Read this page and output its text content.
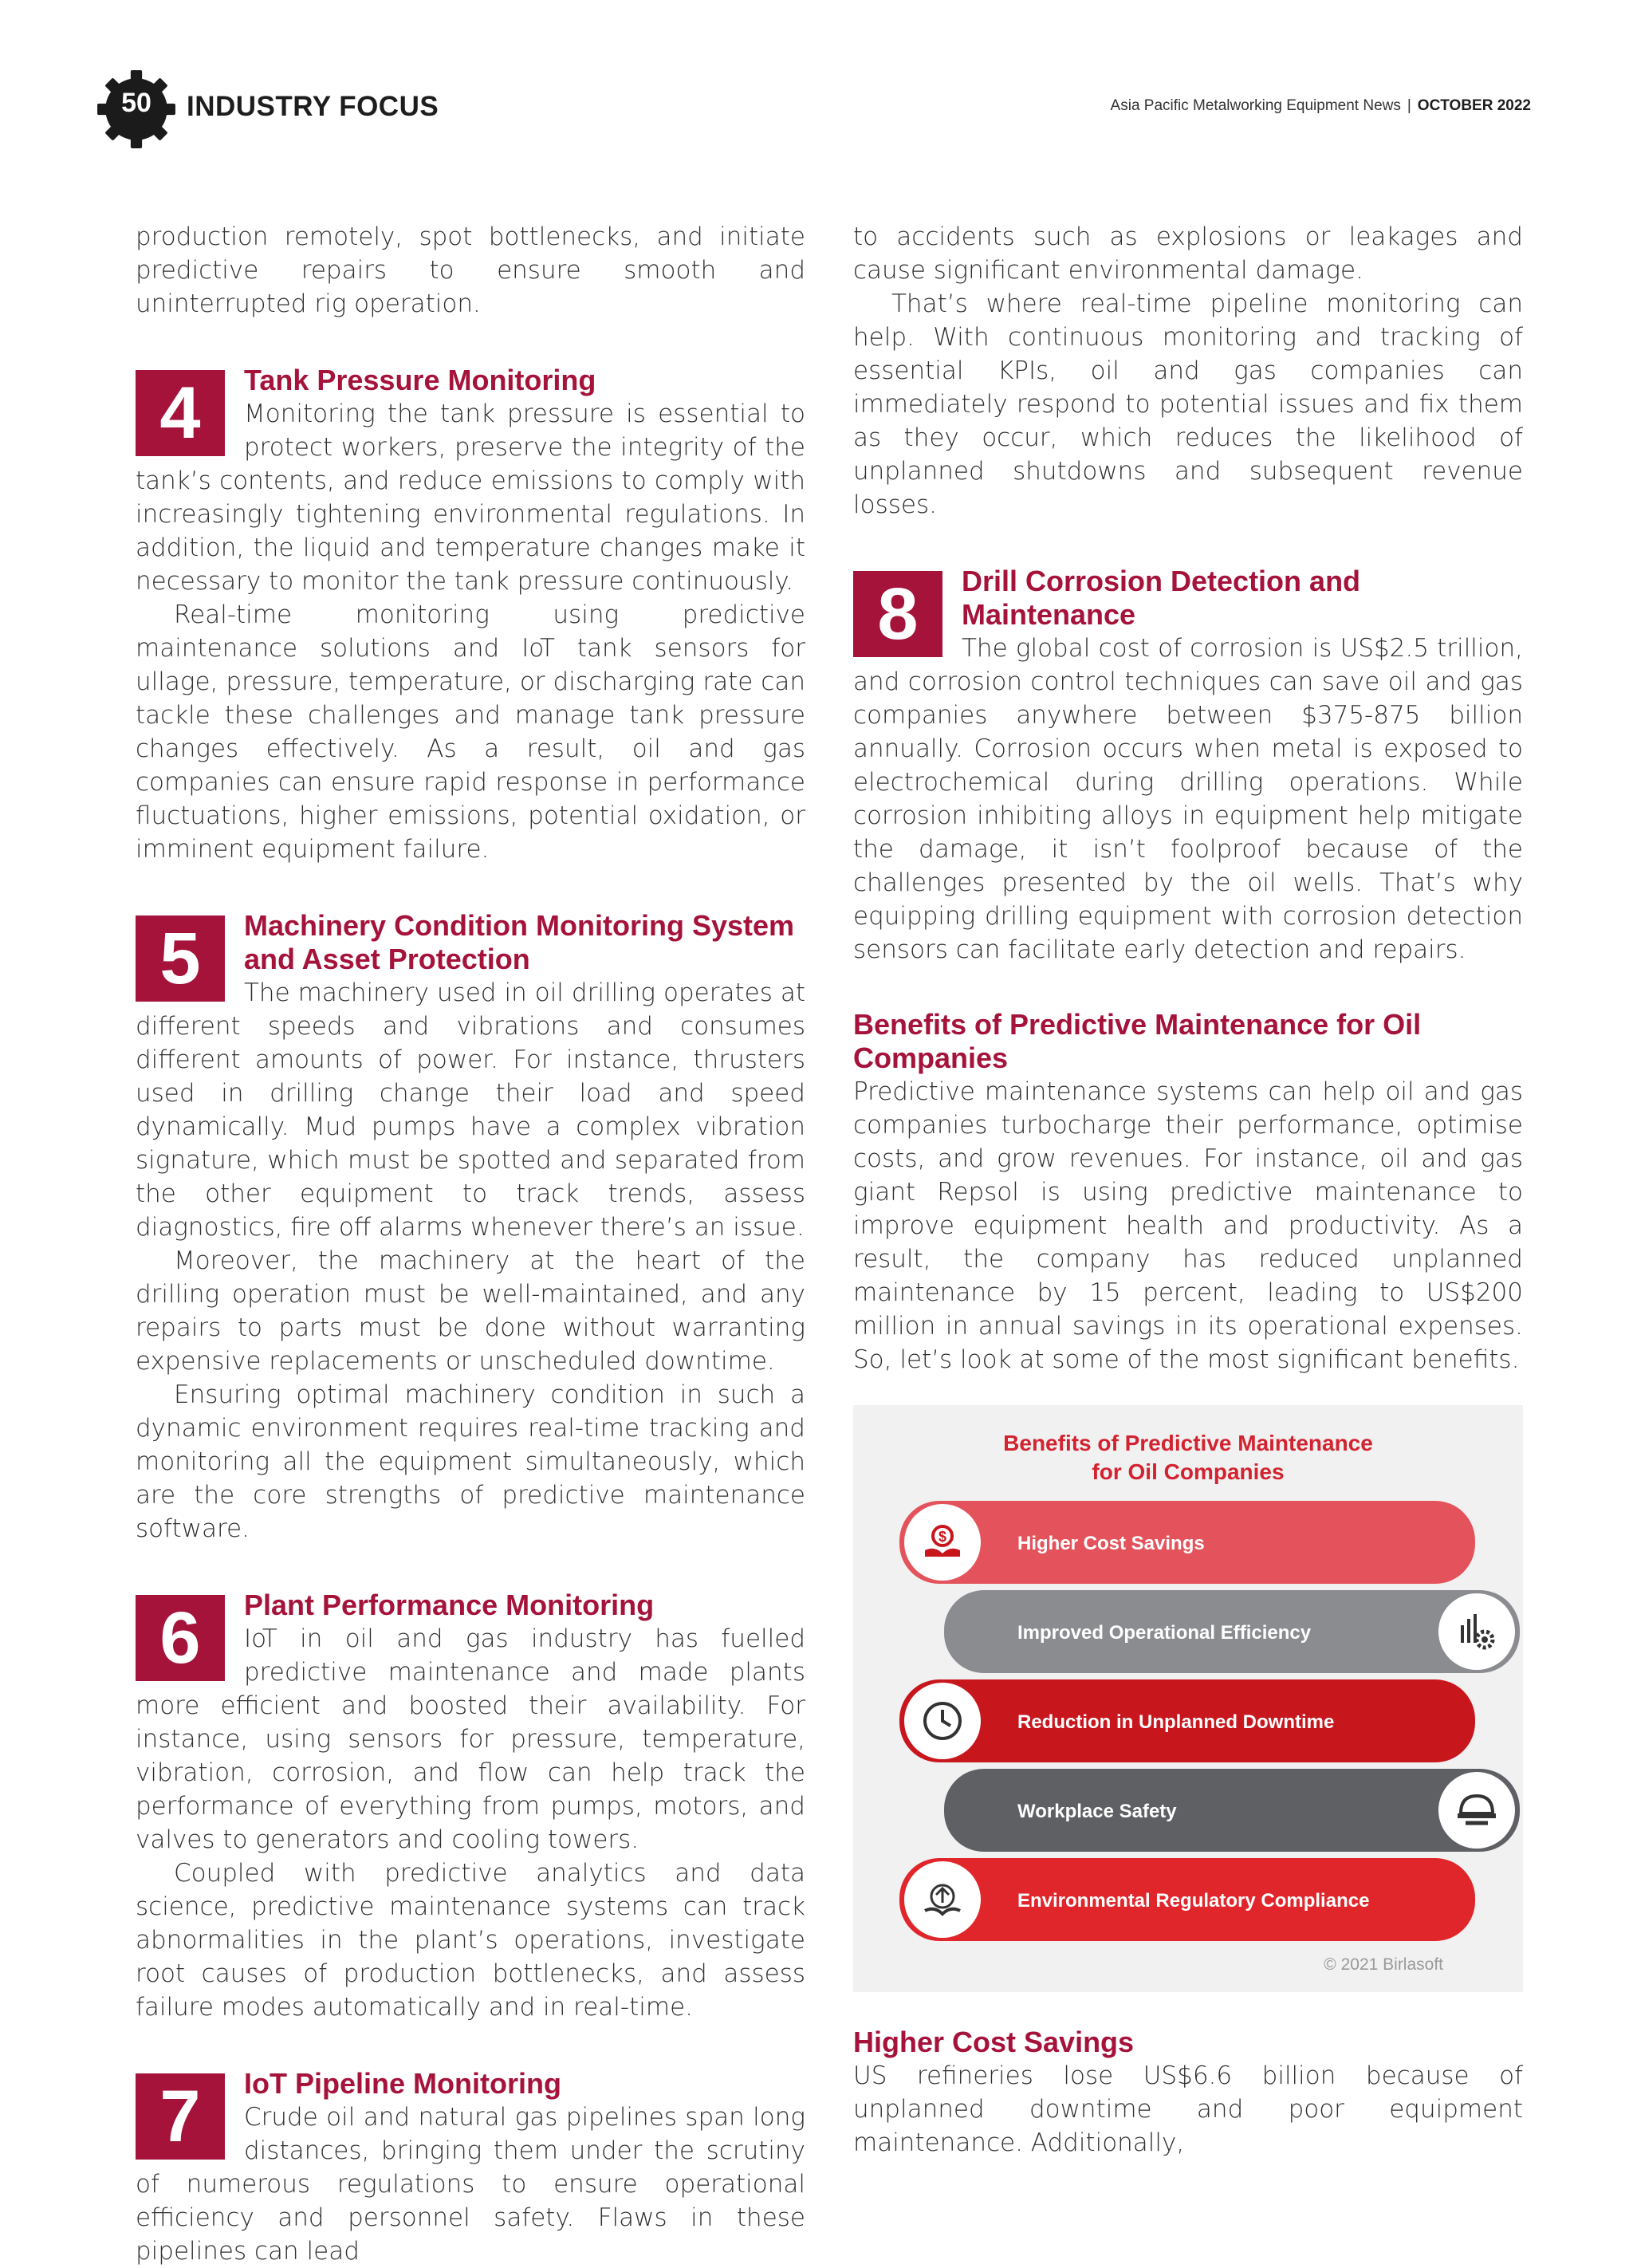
50	INDUSTRY FOCUS	Asia Pacific Metalworking Equipment News | OCTOBER 2022

production remotely, spot bottlenecks, and initiate predictive repairs to ensure smooth and uninterrupted rig operation.

4	Tank Pressure Monitoring

Monitoring the tank pressure is essential to protect workers, preserve the integrity of the tank’s contents, and reduce emissions to comply with increasingly tightening environmental regulations. In addition, the liquid and temperature changes make it necessary to monitor the tank pressure continuously.

Real-time monitoring using predictive maintenance solutions and IoT tank sensors for ullage, pressure, temperature, or discharging rate can tackle these challenges and manage tank pressure changes effectively. As a result, oil and gas companies can ensure rapid response in performance fluctuations, higher emissions, potential oxidation, or imminent equipment failure.

5	Machinery Condition Monitoring System and Asset Protection

The machinery used in oil drilling operates at different speeds and vibrations and consumes different amounts of power. For instance, thrusters used in drilling change their load and speed dynamically. Mud pumps have a complex vibration signature, which must be spotted and separated from the other equipment to track trends, assess diagnostics, fire off alarms whenever there’s an issue.

Moreover, the machinery at the heart of the drilling operation must be well-maintained, and any repairs to parts must be done without warranting expensive replacements or unscheduled downtime.

Ensuring optimal machinery condition in such a dynamic environment requires real-time tracking and monitoring all the equipment simultaneously, which are the core strengths of predictive maintenance software.

6	Plant Performance Monitoring

IoT in oil and gas industry has fuelled predictive maintenance and made plants more efficient and boosted their availability. For instance, using sensors for pressure, temperature, vibration, corrosion, and flow can help track the performance of everything from pumps, motors, and valves to generators and cooling towers.

Coupled with predictive analytics and data science, predictive maintenance systems can track abnormalities in the plant’s operations, investigate root causes of production bottlenecks, and assess failure modes automatically and in real-time.

7	IoT Pipeline Monitoring

Crude oil and natural gas pipelines span long distances, bringing them under the scrutiny of numerous regulations to ensure operational efficiency and personnel safety. Flaws in these pipelines can lead

to accidents such as explosions or leakages and cause significant environmental damage.

That’s where real-time pipeline monitoring can help. With continuous monitoring and tracking of essential KPIs, oil and gas companies can immediately respond to potential issues and fix them as they occur, which reduces the likelihood of unplanned shutdowns and subsequent revenue losses.

8	Drill Corrosion Detection and Maintenance

The global cost of corrosion is US$2.5 trillion, and corrosion control techniques can save oil and gas companies anywhere between $375-875 billion annually. Corrosion occurs when metal is exposed to electrochemical during drilling operations. While corrosion inhibiting alloys in equipment help mitigate the damage, it isn’t foolproof because of the challenges presented by the oil wells. That’s why equipping drilling equipment with corrosion detection sensors can facilitate early detection and repairs.

Benefits of Predictive Maintenance for Oil Companies

Predictive maintenance systems can help oil and gas companies turbocharge their performance, optimise costs, and grow revenues. For instance, oil and gas giant Repsol is using predictive maintenance to improve equipment health and productivity. As a result, the company has reduced unplanned maintenance by 15 percent, leading to US$200 million in annual savings in its operational expenses. So, let’s look at some of the most significant benefits.

Benefits of Predictive Maintenance
for Oil Companies
$	Higher Cost Savings
Improved Operational Efficiency
Reduction in Unplanned Downtime
Workplace Safety
Environmental Regulatory Compliance
© 2021 Birlasoft
Higher Cost Savings

US refineries lose US$6.6 billion because of unplanned downtime and poor equipment maintenance. Additionally,
